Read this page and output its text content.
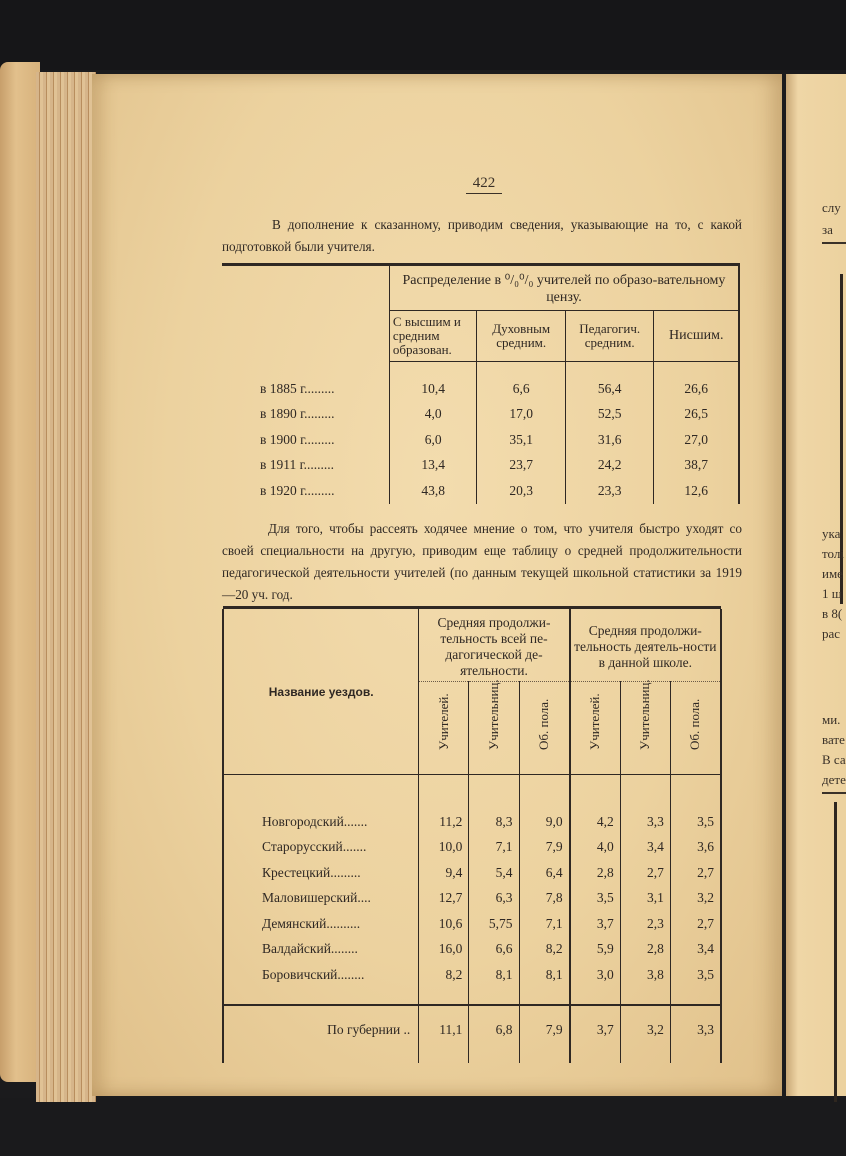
слу
за
ука
толі
име
1 ш
в 8(
рас
ми.
вате
В са
дете
422
В дополнение к сказанному, приводим сведения, указывающие на то, с какой подготовкой были учителя.
	Распределение в ⁰/₀⁰/₀ учителей по образо-вательному цензу.			
	С высшим и средним образован.	Духовным средним.	Педагогич. средним.	Нисшим.

в 1885 г.........	10,4	6,6	56,4	26,6
в 1890 г.........	4,0	17,0	52,5	26,5
в 1900 г.........	6,0	35,1	31,6	27,0
в 1911 г.........	13,4	23,7	24,2	38,7
в 1920 г.........	43,8	20,3	23,3	12,6
Для того, чтобы рассеять ходячее мнение о том, что учителя быстро уходят со своей специальности на другую, приводим еще таблицу о средней продолжительности педагогической деятельности учителей (по данным текущей школьной статистики за 1919—20 уч. год.

Название уездов.	Средняя продолжи-тельность всей пе-дагогической де-ятельности.			Средняя продолжи-тельность деятель-ности в данной школе.		

	Учителей.	Учительниц.	Об. пола.	Учителей.	Учительниц.	Об. пола.

Новгородский.......	11,2	8,3	9,0	4,2	3,3	3,5
Старорусский.......	10,0	7,1	7,9	4,0	3,4	3,6
Крестецкий.........	9,4	5,4	6,4	2,8	2,7	2,7
Маловишерский....	12,7	6,3	7,8	3,5	3,1	3,2
Демянский..........	10,6	5,75	7,1	3,7	2,3	2,7
Валдайский........	16,0	6,6	8,2	5,9	2,8	3,4
Боровичский........	8,2	8,1	8,1	3,0	3,8	3,5

По губернии ..	11,1	6,8	7,9	3,7	3,2	3,3
